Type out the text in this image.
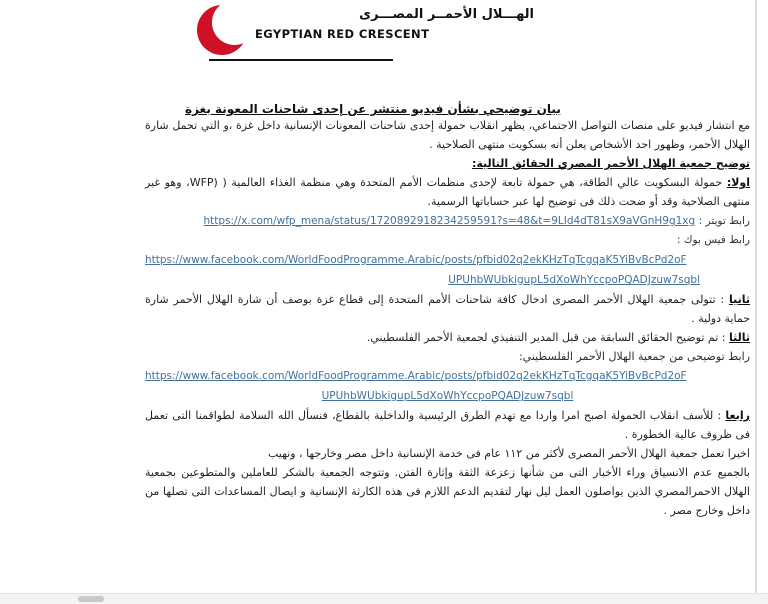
الهـــلال الأحمــر المصـــرى
EGYPTIAN RED CRESCENT
بيان توضيحي بشأن فيديو منتشر عن إحدى شاحنات المعونة بغزة

مع انتشار فيديو على منصات التواصل الاجتماعي، يظهر انقلاب حمولة إحدى شاحنات المعونات الإنسانية داخل غزة ،و التي تحمل شارة الهلال الأحمر، وظهور احد الأشخاص يعلن أنه بسكويت منتهى الصلاحية .

توضيح جمعية الهلال الأحمر المصري الحقائق التالية:

اولا: حمولة البسكويت عالي الطاقة، هي حمولة تابعة لإحدى منظمات الأمم المتحدة وهي منظمة الغذاء العالمية ( (WFP، وهو غير منتهى الصلاحية وقد أو ضحت ذلك فى توضيح لها عبر حساباتها الرسمية.

رابط تويتر : https://x.com/wfp_mena/status/1720892918234259591?s=48&t=9LId4dT81sX9aVGnH9g1xg

رابط فيس بوك :

https://www.facebook.com/WorldFoodProgramme.Arabic/posts/pfbid02q2ekKHzTqTcgqaK5YiBvBcPd2oF

UPUhbWUbkigupL5dXoWhYccpoPQADJzuw7sqbl

ثانيا : تتولى جمعية الهلال الأحمر المصرى ادخال كافة شاحنات الأمم المتحدة إلى قطاع غزة بوصف أن شارة الهلال الأحمر شارة حماية دولية .

ثالثا : تم توضيح الحقائق السابقة من قبل المدير التنفيذي لجمعية الأحمر الفلسطيني.

رابط توضيحى من جمعية الهلال الأحمر الفلسطيني:

https://www.facebook.com/WorldFoodProgramme.Arabic/posts/pfbid02q2ekKHzTqTcgqaK5YiBvBcPd2oF

UPUhbWUbkigupL5dXoWhYccpoPQADJzuw7sqbl

رابعا : للأسف انقلاب الحمولة اصبح امرا واردا مع تهدم الطرق الرئيسية والداخلية بالقطاع، فنسأل الله السلامة لطواقمنا التى تعمل فى ظروف عالية الخطورة .

اخيرا تعمل جمعية الهلال الأحمر المصرى لأكثر من ١١٢ عام فى خدمة الإنسانية داخل مصر وخارجها ، ونهيب

بالجميع عدم الانسياق وراء الأخبار التى من شأنها زعزعة الثقة وإثارة الفتن. وتتوجه الجمعية بالشكر للعاملين والمتطوعين بجمعية الهلال الاحمرالمصري الذين يواصلون العمل ليل نهار لتقديم الدعم اللازم فى هذه الكارثة الإنسانية و ايصال المساعدات التى تصلها من داخل وخارج مصر .
